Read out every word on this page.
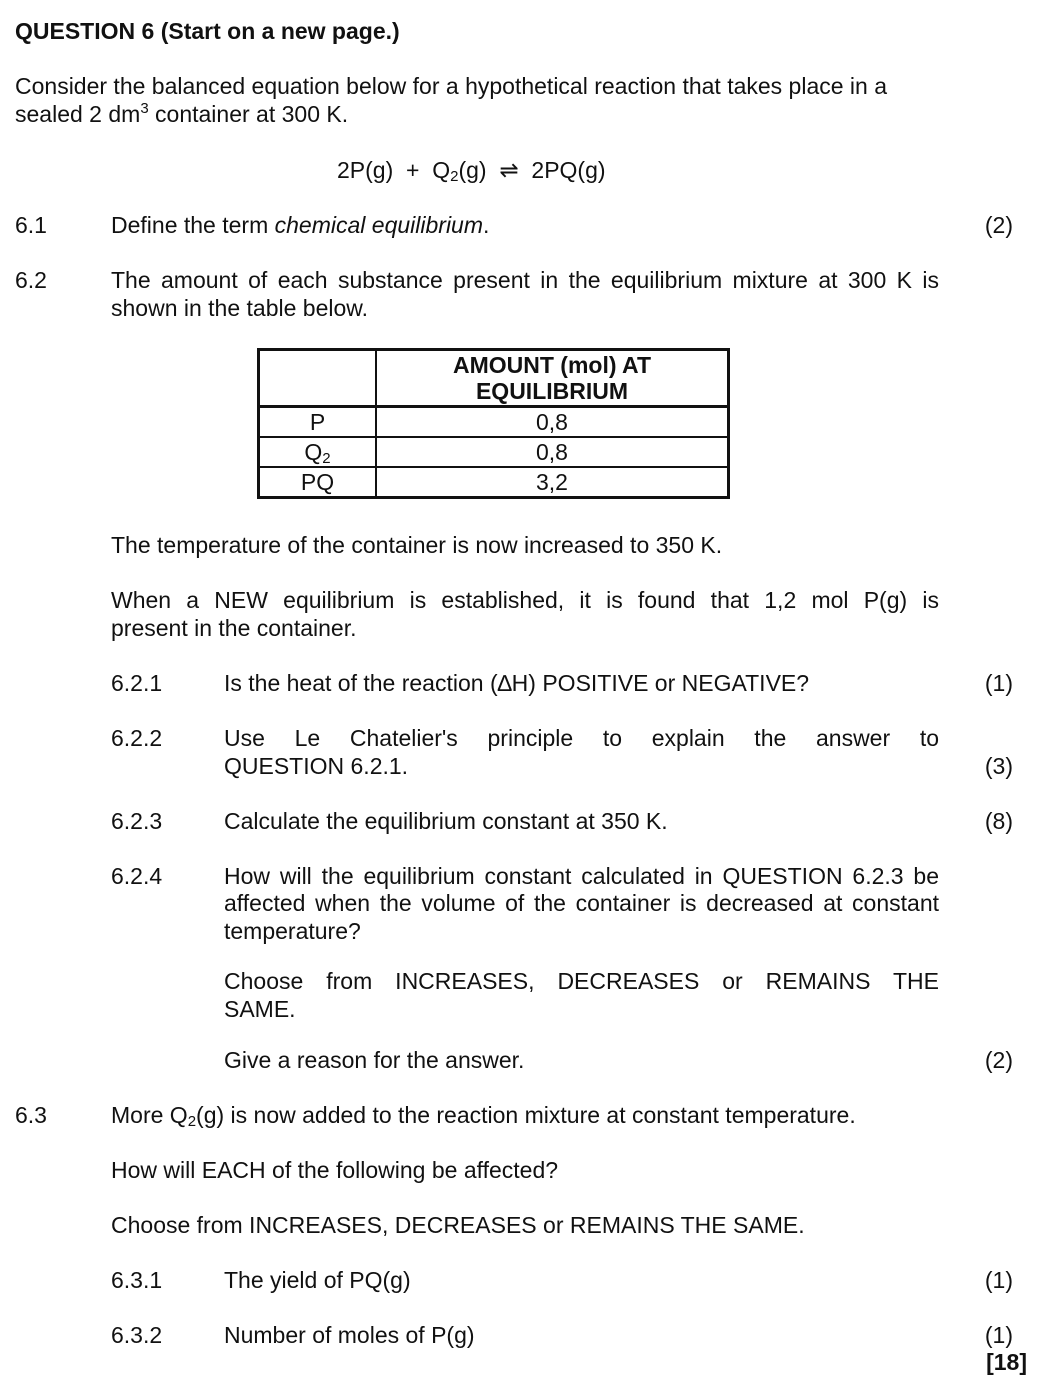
QUESTION 6 (Start on a new page.)
Consider the balanced equation below for a hypothetical reaction that takes place in a
sealed 2 $dm^3$ container at 300 K.
$2P(g) + Q_2(g)$  ⇌  2PQ(g)
6.1	Define the term chemical equilibrium.	(2)
6.2	The amount of each substance present in the equilibrium mixture at 300 K is
shown in the table below.

	AMOUNT (mol) AT
EQUILIBRIUM

P	0,8
$Q_2$	0,8
PQ	3,2
The temperature of the container is now increased to 350 K.
When a NEW equilibrium is established, it is found that 1,2 mol P(g) is
present in the container.
6.2.1	Is the heat of the reaction (∆H) POSITIVE or NEGATIVE?	(1)
6.2.2	Use Le Chatelier's principle to explain the answer to
QUESTION 6.2.1.	(3)
6.2.3	Calculate the equilibrium constant at 350 K.	(8)
6.2.4	How will the equilibrium constant calculated in QUESTION 6.2.3 be
affected when the volume of the container is decreased at constant
temperature?
Choose from INCREASES, DECREASES or REMAINS THE
SAME.
Give a reason for the answer.	(2)
6.3	More $Q_2(g)$ is now added to the reaction mixture at constant temperature.
How will EACH of the following be affected?
Choose from INCREASES, DECREASES or REMAINS THE SAME.
6.3.1	The yield of PQ(g)	(1)
6.3.2	Number of moles of P(g)	(1)
[18]
